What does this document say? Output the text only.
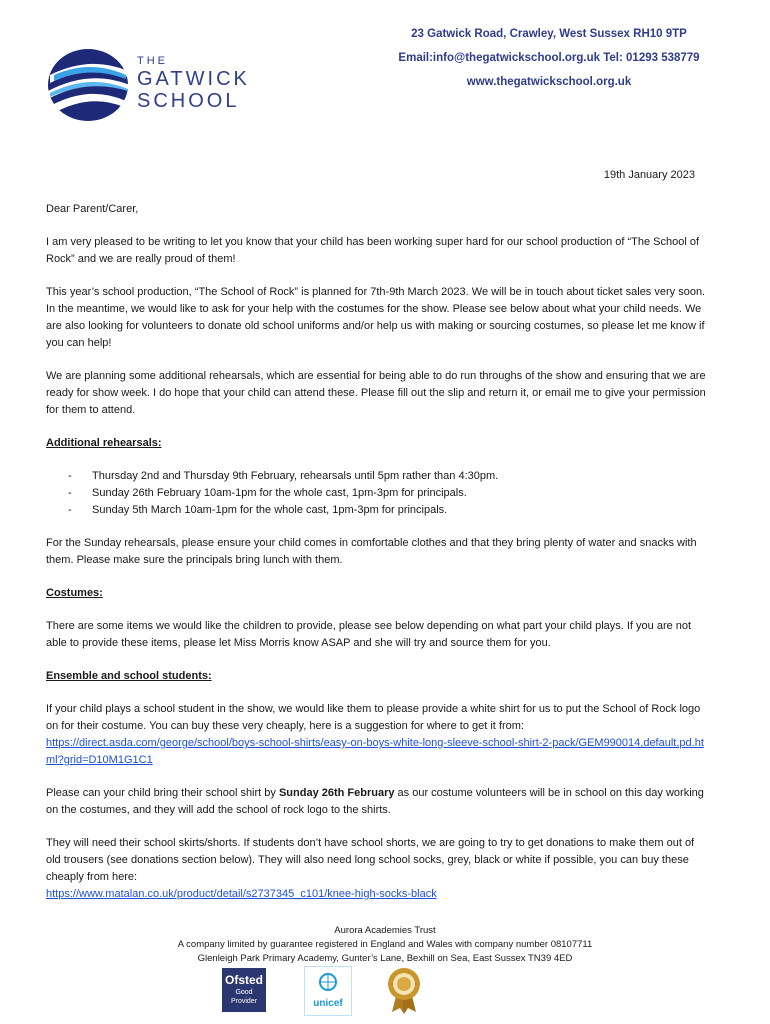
THE
GATWICK
SCHOOL
23 Gatwick Road, Crawley, West Sussex RH10 9TP
Email:info@thegatwickschool.org.uk Tel: 01293 538779
www.thegatwickschool.org.uk
19th January 2023

Dear Parent/Carer,

I am very pleased to be writing to let you know that your child has been working super hard for our school production of “The School of Rock” and we are really proud of them!

This year’s school production, “The School of Rock” is planned for 7th-9th March 2023. We will be in touch about ticket sales very soon. In the meantime, we would like to ask for your help with the costumes for the show. Please see below about what your child needs. We are also looking for volunteers to donate old school uniforms and/or help us with making or sourcing costumes, so please let me know if you can help!

We are planning some additional rehearsals, which are essential for being able to do run throughs of the show and ensuring that we are ready for show week. I do hope that your child can attend these. Please fill out the slip and return it, or email me to give your permission for them to attend.

Additional rehearsals:

- Thursday 2nd and Thursday 9th February, rehearsals until 5pm rather than 4:30pm.
- Sunday 26th February 10am-1pm for the whole cast, 1pm-3pm for principals.
- Sunday 5th March 10am-1pm for the whole cast, 1pm-3pm for principals.

For the Sunday rehearsals, please ensure your child comes in comfortable clothes and that they bring plenty of water and snacks with them. Please make sure the principals bring lunch with them.

Costumes:

There are some items we would like the children to provide, please see below depending on what part your child plays. If you are not able to provide these items, please let Miss Morris know ASAP and she will try and source them for you.

Ensemble and school students:

If your child plays a school student in the show, we would like them to please provide a white shirt for us to put the School of Rock logo on for their costume. You can buy these very cheaply, here is a suggestion for where to get it from:
https://direct.asda.com/george/school/boys-school-shirts/easy-on-boys-white-long-sleeve-school-shirt-2-pack/GEM990014,default,pd.html?grid=D10M1G1C1

Please can your child bring their school shirt by Sunday 26th February as our costume volunteers will be in school on this day working on the costumes, and they will add the school of rock logo to the shirts.

They will need their school skirts/shorts. If students don’t have school shorts, we are going to try to get donations to make them out of old trousers (see donations section below). They will also need long school socks, grey, black or white if possible, you can buy these cheaply from here:
https://www.matalan.co.uk/product/detail/s2737345_c101/knee-high-socks-black
Aurora Academies Trust
A company limited by guarantee registered in England and Wales with company number 08107711
Glenleigh Park Primary Academy, Gunter’s Lane, Bexhill on Sea, East Sussex TN39 4ED
Ofsted
Good
Provider	unicef
